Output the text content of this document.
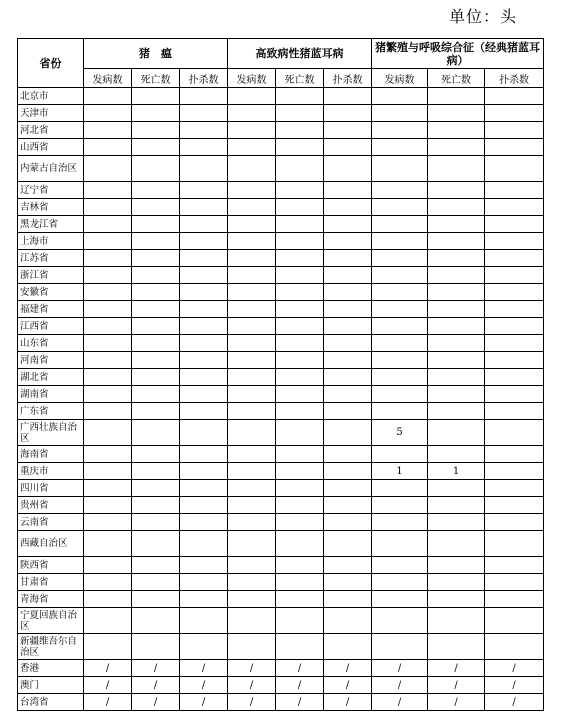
单位：头
省份	猪　瘟			高致病性猪蓝耳病			猪繁殖与呼吸综合征（经典猪蓝耳病）		
	发病数	死亡数	扑杀数	发病数	死亡数	扑杀数	发病数	死亡数	扑杀数
北京市									
天津市									
河北省									
山西省									
内蒙古自治区									
辽宁省									
吉林省									
黑龙江省									
上海市									
江苏省									
浙江省									
安徽省									
福建省									
江西省									
山东省									
河南省									
湖北省									
湖南省									
广东省									
广西壮族自治区							5		
海南省									
重庆市							1	1	
四川省									
贵州省									
云南省									
西藏自治区									
陕西省									
甘肃省									
青海省									
宁夏回族自治区									
新疆维吾尔自治区									
香港	/	/	/	/	/	/	/	/	/
澳门	/	/	/	/	/	/	/	/	/
台湾省	/	/	/	/	/	/	/	/	/
